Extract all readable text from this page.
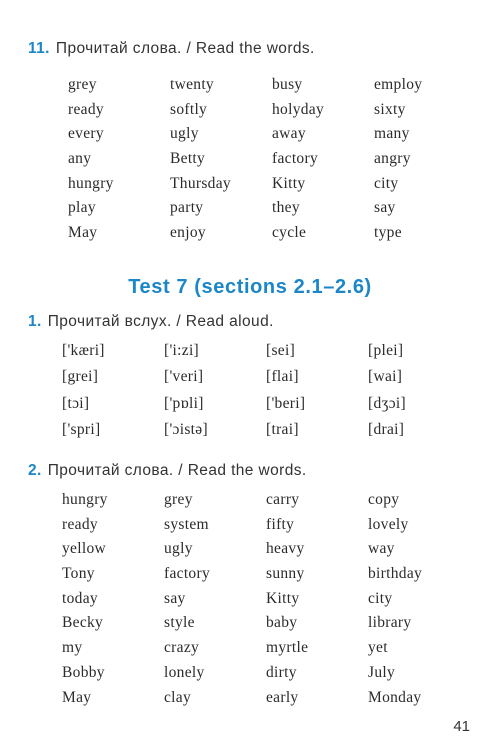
11. Прочитай слова. / Read the words.
grey	twenty	busy	employ
ready	softly	holyday	sixty
every	ugly	away	many
any	Betty	factory	angry
hungry	Thursday	Kitty	city
play	party	they	say
May	enjoy	cycle	type
Test 7 (sections 2.1–2.6)
1. Прочитай вслух. / Read aloud.
['kæri]	['i:zi]	[sei]	[plei]
[grei]	['veri]	[flai]	[wai]
[tɔi]	['pɒli]	['beri]	[dʒɔi]
['spri]	['ɔistə]	[trai]	[drai]
2. Прочитай слова. / Read the words.
hungry	grey	carry	copy
ready	system	fifty	lovely
yellow	ugly	heavy	way
Tony	factory	sunny	birthday
today	say	Kitty	city
Becky	style	baby	library
my	crazy	myrtle	yet
Bobby	lonely	dirty	July
May	clay	early	Monday
41
